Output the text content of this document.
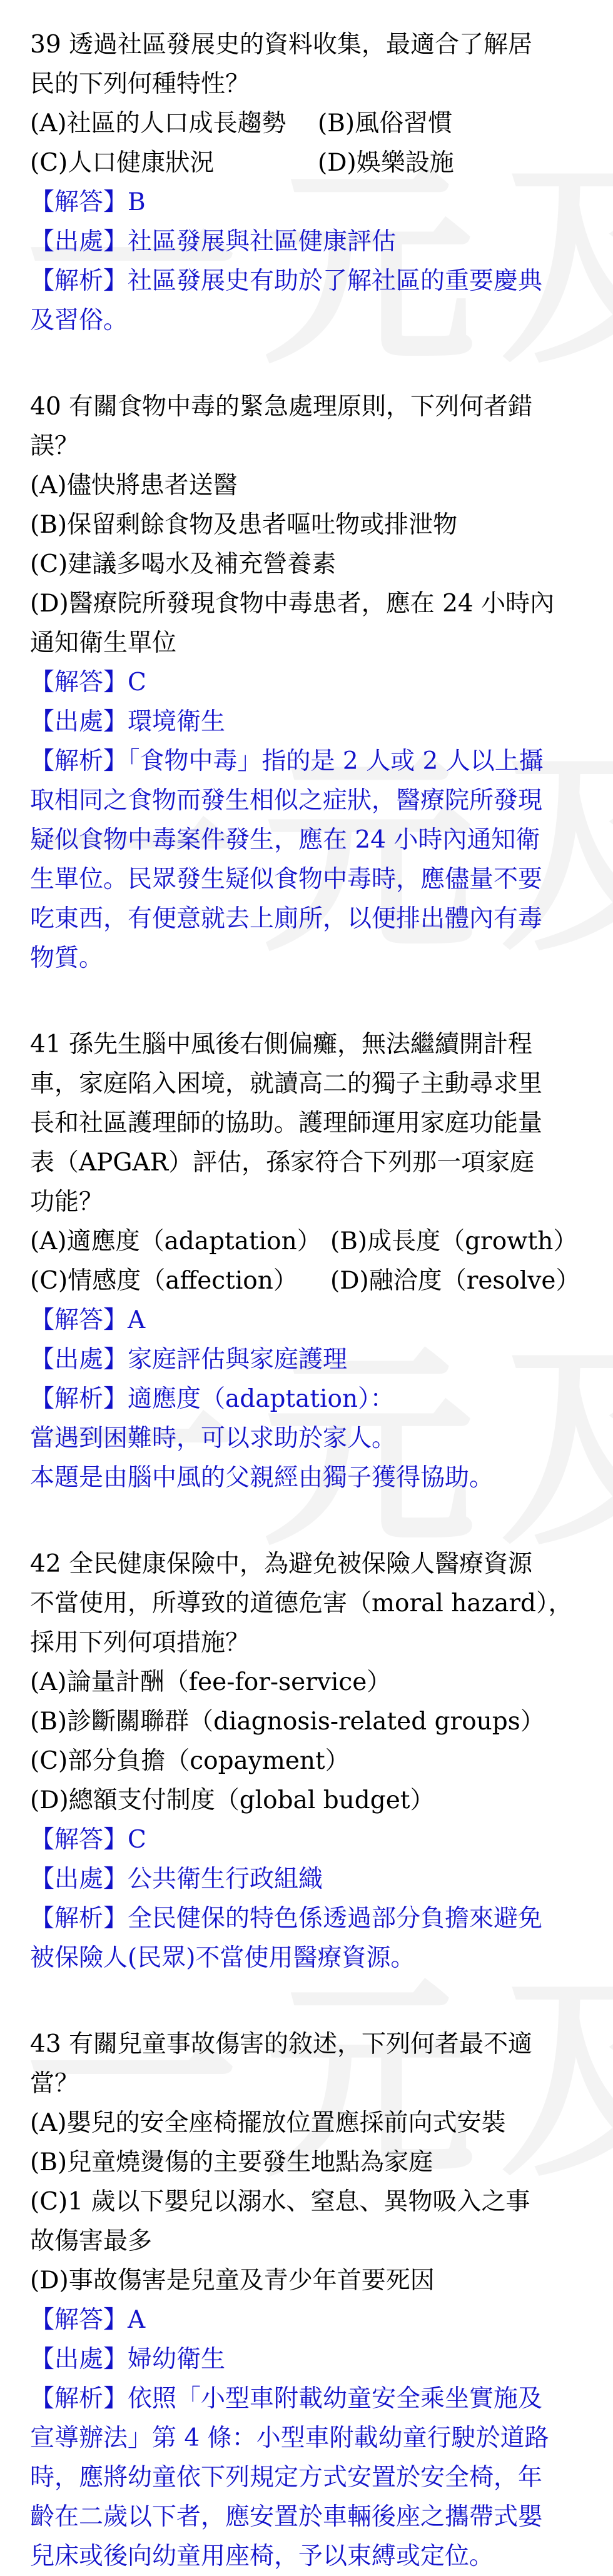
39 透過社區發展史的資料收集，最適合了解居

民的下列何種特性？

(A)社區的人口成長趨勢	(B)風俗習慣
(C)人口健康狀況	(D)娛樂設施

【解答】B

【出處】社區發展與社區健康評估

【解析】社區發展史有助於了解社區的重要慶典

及習俗。

40 有關食物中毒的緊急處理原則，下列何者錯

誤？

(A)儘快將患者送醫

(B)保留剩餘食物及患者嘔吐物或排泄物

(C)建議多喝水及補充營養素

(D)醫療院所發現食物中毒患者，應在 24 小時內

通知衛生單位

【解答】C

【出處】環境衛生

【解析】「食物中毒」指的是 2 人或 2 人以上攝

取相同之食物而發生相似之症狀，醫療院所發現

疑似食物中毒案件發生，應在 24 小時內通知衛

生單位。民眾發生疑似食物中毒時，應儘量不要

吃東西，有便意就去上廁所，以便排出體內有毒

物質。

41 孫先生腦中風後右側偏癱，無法繼續開計程

車，家庭陷入困境，就讀高二的獨子主動尋求里

長和社區護理師的協助。護理師運用家庭功能量

表（APGAR）評估，孫家符合下列那一項家庭

功能？

(A)適應度（adaptation） (B)成長度（growth）
(C)情感度（affection）	(D)融洽度（resolve）

【解答】A

【出處】家庭評估與家庭護理

【解析】適應度（adaptation）：

當遇到困難時，可以求助於家人。

本題是由腦中風的父親經由獨子獲得協助。

42 全民健康保險中，為避免被保險人醫療資源

不當使用，所導致的道德危害（moral hazard），

採用下列何項措施？

(A)論量計酬（fee-for-service）

(B)診斷關聯群（diagnosis-related groups）

(C)部分負擔（copayment）

(D)總額支付制度（global budget）

【解答】C

【出處】公共衛生行政組織

【解析】全民健保的特色係透過部分負擔來避免

被保險人(民眾)不當使用醫療資源。

43 有關兒童事故傷害的敘述，下列何者最不適

當？

(A)嬰兒的安全座椅擺放位置應採前向式安裝

(B)兒童燒燙傷的主要發生地點為家庭

(C)1 歲以下嬰兒以溺水、窒息、異物吸入之事

故傷害最多

(D)事故傷害是兒童及青少年首要死因

【解答】A

【出處】婦幼衛生

【解析】依照「小型車附載幼童安全乘坐實施及

宣導辦法」第 4 條：小型車附載幼童行駛於道路

時，應將幼童依下列規定方式安置於安全椅，年

齡在二歲以下者，應安置於車輛後座之攜帶式嬰

兒床或後向幼童用座椅，予以束縛或定位。
